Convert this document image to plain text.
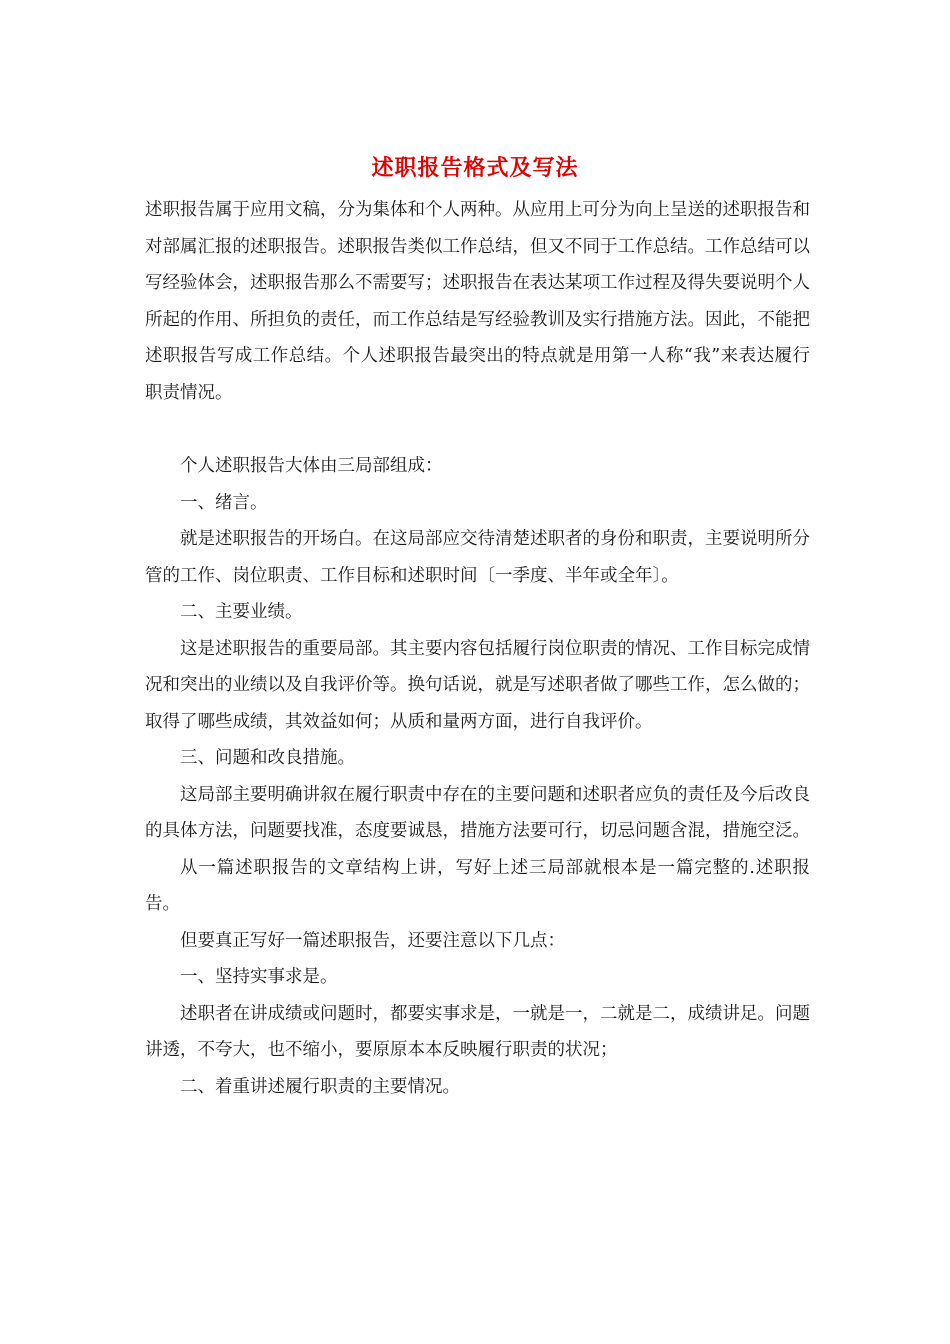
述职报告格式及写法

述职报告属于应用文稿，分为集体和个人两种。从应用上可分为向上呈送的述职报告和对部属汇报的述职报告。述职报告类似工作总结，但又不同于工作总结。工作总结可以写经验体会，述职报告那么不需要写；述职报告在表达某项工作过程及得失要说明个人所起的作用、所担负的责任，而工作总结是写经验教训及实行措施方法。因此，不能把述职报告写成工作总结。个人述职报告最突出的特点就是用第一人称“我”来表达履行职责情况。

个人述职报告大体由三局部组成：

一、绪言。

就是述职报告的开场白。在这局部应交待清楚述职者的身份和职责，主要说明所分管的工作、岗位职责、工作目标和述职时间〔一季度、半年或全年〕。

二、主要业绩。

这是述职报告的重要局部。其主要内容包括履行岗位职责的情况、工作目标完成情况和突出的业绩以及自我评价等。换句话说，就是写述职者做了哪些工作，怎么做的；取得了哪些成绩，其效益如何；从质和量两方面，进行自我评价。

三、问题和改良措施。

这局部主要明确讲叙在履行职责中存在的主要问题和述职者应负的责任及今后改良的具体方法，问题要找准，态度要诚恳，措施方法要可行，切忌问题含混，措施空泛。

从一篇述职报告的文章结构上讲，写好上述三局部就根本是一篇完整的.述职报告。

但要真正写好一篇述职报告，还要注意以下几点：

一、坚持实事求是。

述职者在讲成绩或问题时，都要实事求是，一就是一，二就是二，成绩讲足。问题讲透，不夸大，也不缩小，要原原本本反映履行职责的状况；

二、着重讲述履行职责的主要情况。
